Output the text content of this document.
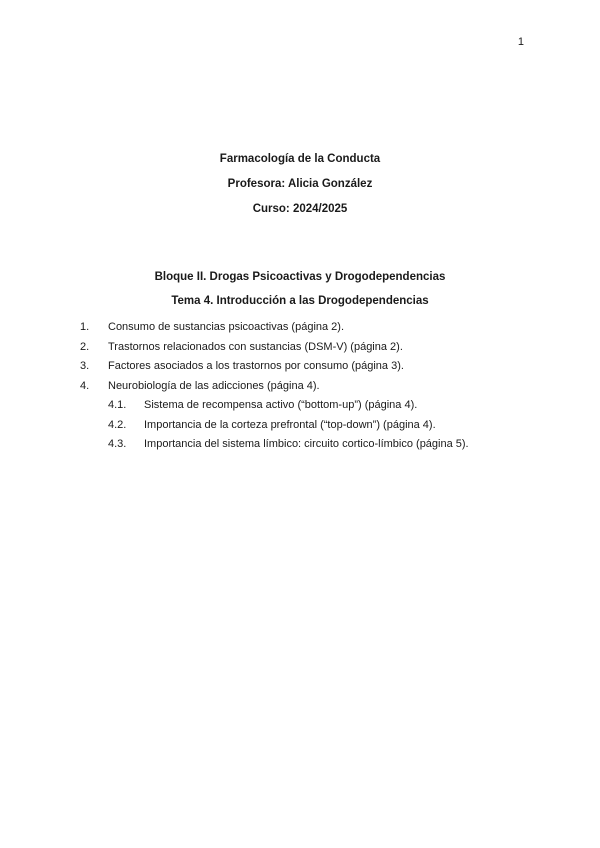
1
Farmacología de la Conducta
Profesora: Alicia González
Curso: 2024/2025
Bloque II. Drogas Psicoactivas y Drogodependencias
Tema 4. Introducción a las Drogodependencias
1. Consumo de sustancias psicoactivas (página 2).
2. Trastornos relacionados con sustancias (DSM-V) (página 2).
3. Factores asociados a los trastornos por consumo (página 3).
4. Neurobiología de las adicciones (página 4).
4.1. Sistema de recompensa activo (“bottom-up”) (página 4).
4.2. Importancia de la corteza prefrontal (“top-down”) (página 4).
4.3. Importancia del sistema límbico: circuito cortico-límbico (página 5).
